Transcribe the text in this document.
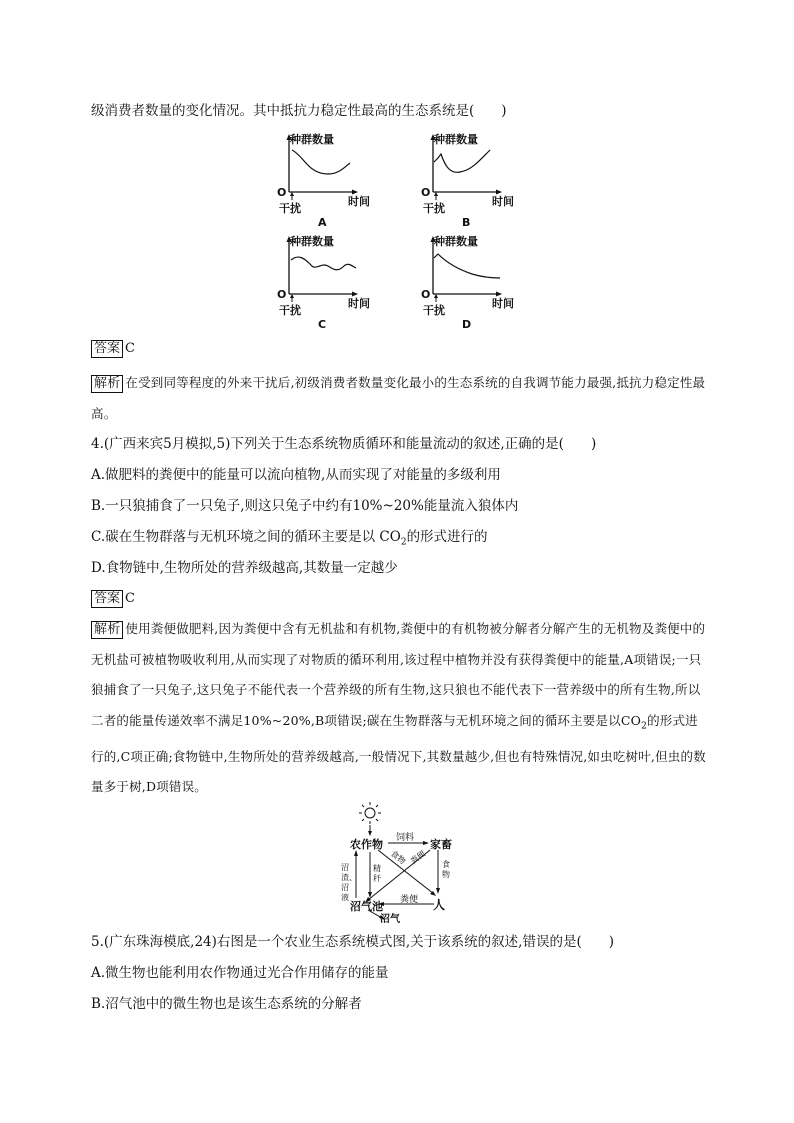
级消费者数量的变化情况。其中抵抗力稳定性最高的生态系统是(　　)
种群数量
O
时间
干扰
A
种群数量
O
时间
干扰
B
种群数量
O
时间
干扰
C
种群数量
O
时间
干扰
D
答案 C
解析 在受到同等程度的外来干扰后,初级消费者数量变化最小的生态系统的自我调节能力最强,抵抗力稳定性最高。
4.(广西来宾5月模拟,5)下列关于生态系统物质循环和能量流动的叙述,正确的是(　　)
A.做肥料的粪便中的能量可以流向植物,从而实现了对能量的多级利用
B.一只狼捕食了一只兔子,则这只兔子中约有10%~20%能量流入狼体内
C.碳在生物群落与无机环境之间的循环主要是以 $CO_2$的形式进行的
D.食物链中,生物所处的营养级越高,其数量一定越少
答案 C
解析 使用粪便做肥料,因为粪便中含有无机盐和有机物,粪便中的有机物被分解者分解产生的无机物及粪便中的无机盐可被植物吸收利用,从而实现了对物质的循环利用,该过程中植物并没有获得粪便中的能量,A项错误;一只狼捕食了一只兔子,这只兔子不能代表一个营养级的所有生物,这只狼也不能代表下一营养级中的所有生物,所以二者的能量传递效率不满足10%~20%,B项错误;碳在生物群落与无机环境之间的循环主要是以$CO_2$的形式进行的,C项正确;食物链中,生物所处的营养级越高,一般情况下,其数量越少,但也有特殊情况,如虫吃树叶,但虫的数量多于树,D项错误。
农作物	家畜
饲料
食物 粪便 食物
沼渣、沼液
精秆
沼气池 粪便 人
沼气
5.(广东珠海模底,24)右图是一个农业生态系统模式图,关于该系统的叙述,错误的是(　　)
A.微生物也能利用农作物通过光合作用储存的能量
B.沼气池中的微生物也是该生态系统的分解者
